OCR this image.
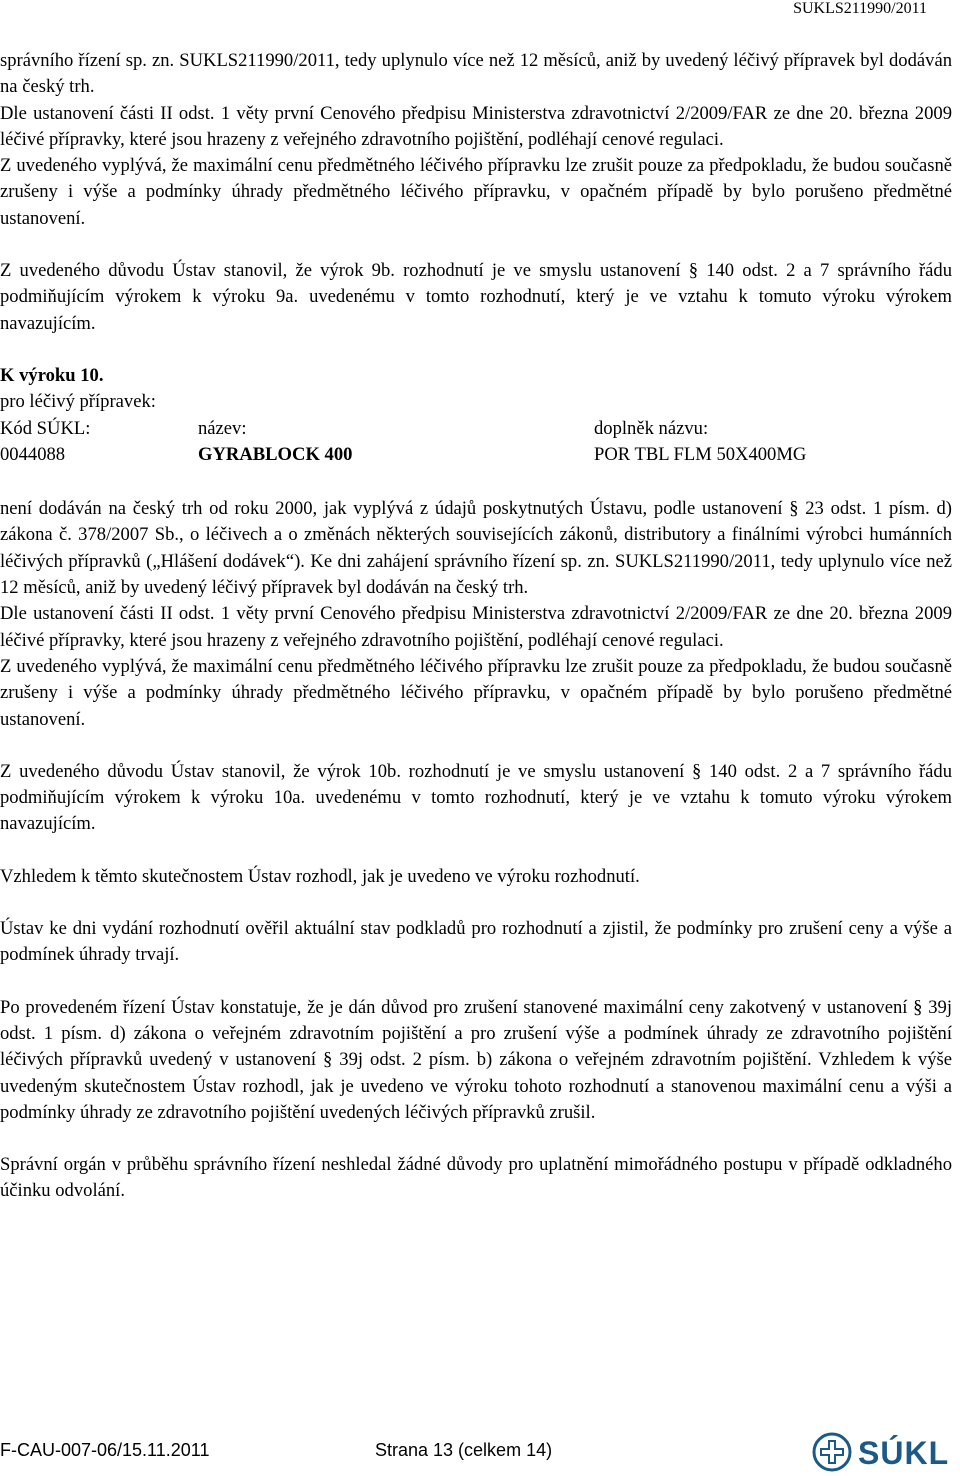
SUKLS211990/2011

správního řízení sp. zn. SUKLS211990/2011, tedy uplynulo více než 12 měsíců, aniž by uvedený léčivý přípravek byl dodáván na český trh.

Dle ustanovení části II odst. 1 věty první Cenového předpisu Ministerstva zdravotnictví 2/2009/FAR ze dne 20. března 2009 léčivé přípravky, které jsou hrazeny z veřejného zdravotního pojištění, podléhají cenové regulaci.

Z uvedeného vyplývá, že maximální cenu předmětného léčivého přípravku lze zrušit pouze za předpokladu, že budou současně zrušeny i výše a podmínky úhrady předmětného léčivého přípravku, v opačném případě by bylo porušeno předmětné ustanovení.

Z uvedeného důvodu Ústav stanovil, že výrok 9b. rozhodnutí je ve smyslu ustanovení § 140 odst. 2 a 7 správního řádu podmiňujícím výrokem k výroku 9a. uvedenému v tomto rozhodnutí, který je ve vztahu k tomuto výroku výrokem navazujícím.

K výroku 10.

pro léčivý přípravek:

Kód SÚKL:	název:	doplněk názvu:
0044088	GYRABLOCK 400	POR TBL FLM 50X400MG

není dodáván na český trh od roku 2000, jak vyplývá z údajů poskytnutých Ústavu, podle ustanovení § 23 odst. 1 písm. d) zákona č. 378/2007 Sb., o léčivech a o změnách některých souvisejících zákonů, distributory a finálními výrobci humánních léčivých přípravků („Hlášení dodávek“). Ke dni zahájení správního řízení sp. zn. SUKLS211990/2011, tedy uplynulo více než 12 měsíců, aniž by uvedený léčivý přípravek byl dodáván na český trh.

Dle ustanovení části II odst. 1 věty první Cenového předpisu Ministerstva zdravotnictví 2/2009/FAR ze dne 20. března 2009 léčivé přípravky, které jsou hrazeny z veřejného zdravotního pojištění, podléhají cenové regulaci.

Z uvedeného vyplývá, že maximální cenu předmětného léčivého přípravku lze zrušit pouze za předpokladu, že budou současně zrušeny i výše a podmínky úhrady předmětného léčivého přípravku, v opačném případě by bylo porušeno předmětné ustanovení.

Z uvedeného důvodu Ústav stanovil, že výrok 10b. rozhodnutí je ve smyslu ustanovení § 140 odst. 2 a 7 správního řádu podmiňujícím výrokem k výroku 10a. uvedenému v tomto rozhodnutí, který je ve vztahu k tomuto výroku výrokem navazujícím.

Vzhledem k těmto skutečnostem Ústav rozhodl, jak je uvedeno ve výroku rozhodnutí.

Ústav ke dni vydání rozhodnutí ověřil aktuální stav podkladů pro rozhodnutí a zjistil, že podmínky pro zrušení ceny a výše a podmínek úhrady trvají.

Po provedeném řízení Ústav konstatuje, že je dán důvod pro zrušení stanovené maximální ceny zakotvený v ustanovení § 39j odst. 1 písm. d) zákona o veřejném zdravotním pojištění a pro zrušení výše a podmínek úhrady ze zdravotního pojištění léčivých přípravků uvedený v ustanovení § 39j odst. 2 písm. b) zákona o veřejném zdravotním pojištění. Vzhledem k výše uvedeným skutečnostem Ústav rozhodl, jak je uvedeno ve výroku tohoto rozhodnutí a stanovenou maximální cenu a výši a podmínky úhrady ze zdravotního pojištění uvedených léčivých přípravků zrušil.

Správní orgán v průběhu správního řízení neshledal žádné důvody pro uplatnění mimořádného postupu v případě odkladného účinku odvolání.

F-CAU-007-06/15.11.2011	Strana 13 (celkem 14)	SÚKL
